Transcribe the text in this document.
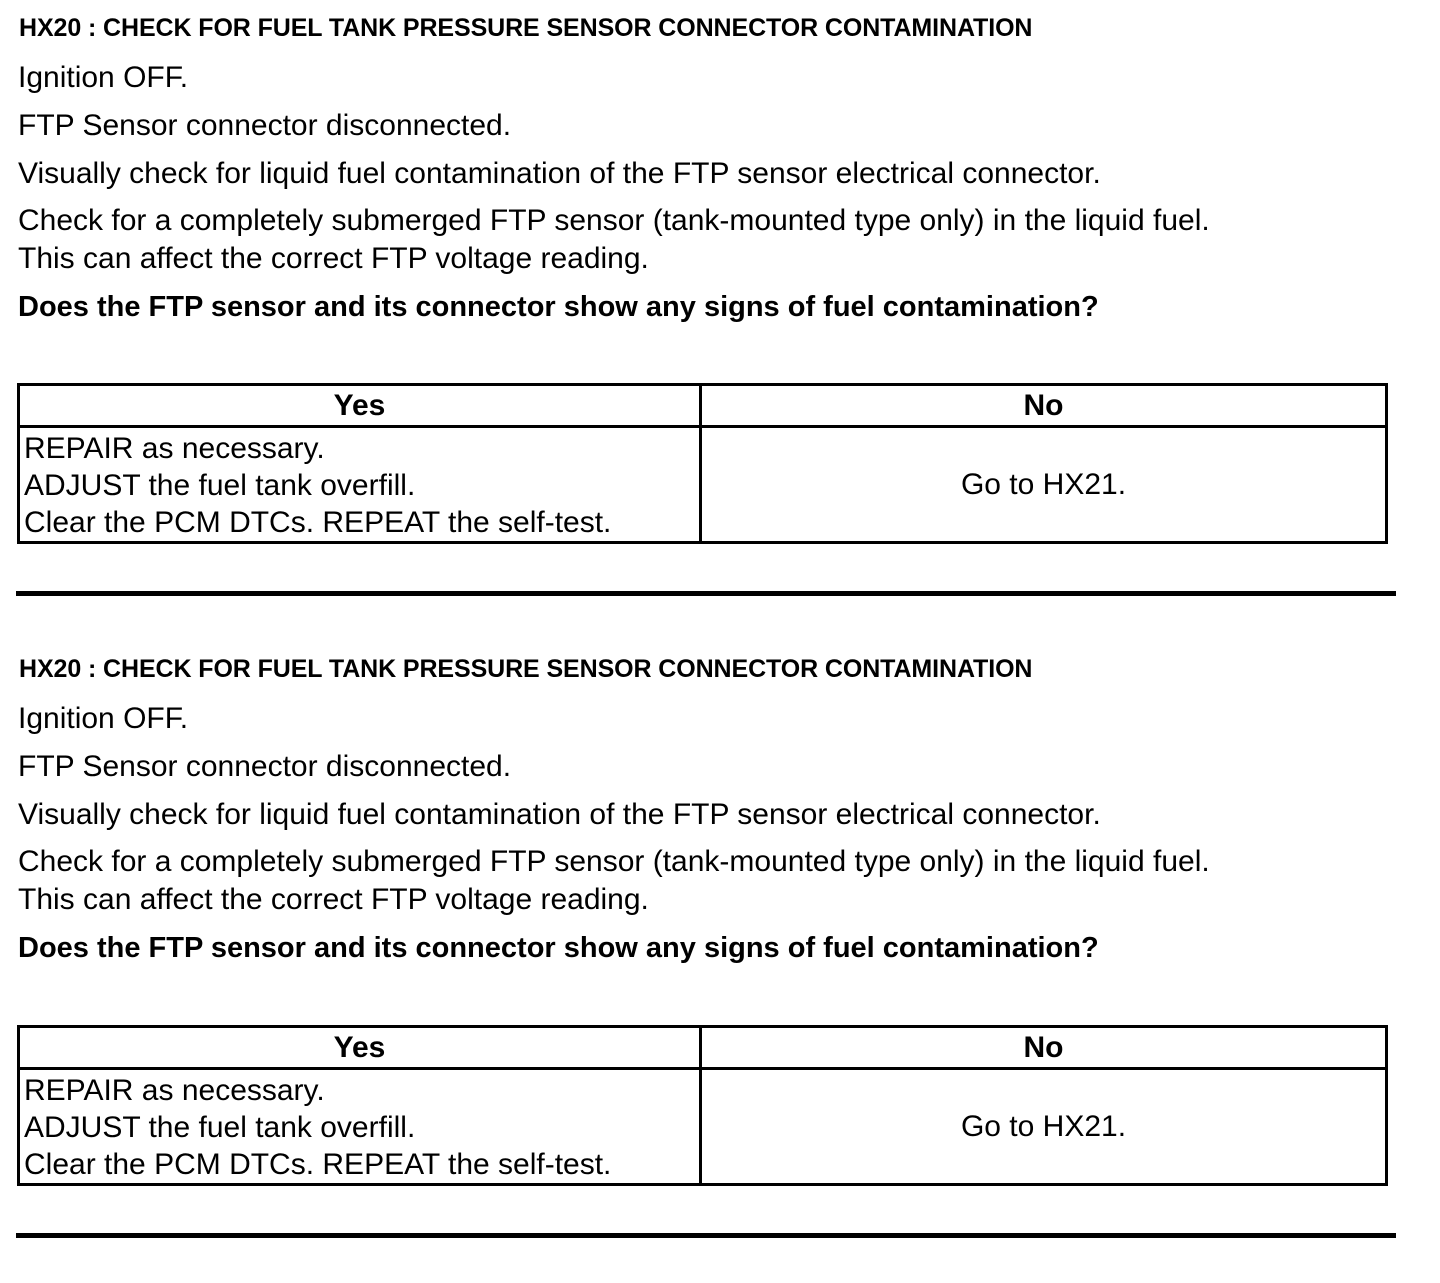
HX20 : CHECK FOR FUEL TANK PRESSURE SENSOR CONNECTOR CONTAMINATION
Ignition OFF.
FTP Sensor connector disconnected.
Visually check for liquid fuel contamination of the FTP sensor electrical connector.
Check for a completely submerged FTP sensor (tank-mounted type only) in the liquid fuel.
This can affect the correct FTP voltage reading.
Does the FTP sensor and its connector show any signs of fuel contamination?
Yes	No

REPAIR as necessary.
ADJUST the fuel tank overfill.
Clear the PCM DTCs. REPEAT the self-test.	Go to HX21.
HX20 : CHECK FOR FUEL TANK PRESSURE SENSOR CONNECTOR CONTAMINATION
Ignition OFF.
FTP Sensor connector disconnected.
Visually check for liquid fuel contamination of the FTP sensor electrical connector.
Check for a completely submerged FTP sensor (tank-mounted type only) in the liquid fuel.
This can affect the correct FTP voltage reading.
Does the FTP sensor and its connector show any signs of fuel contamination?
Yes	No

REPAIR as necessary.
ADJUST the fuel tank overfill.
Clear the PCM DTCs. REPEAT the self-test.	Go to HX21.
